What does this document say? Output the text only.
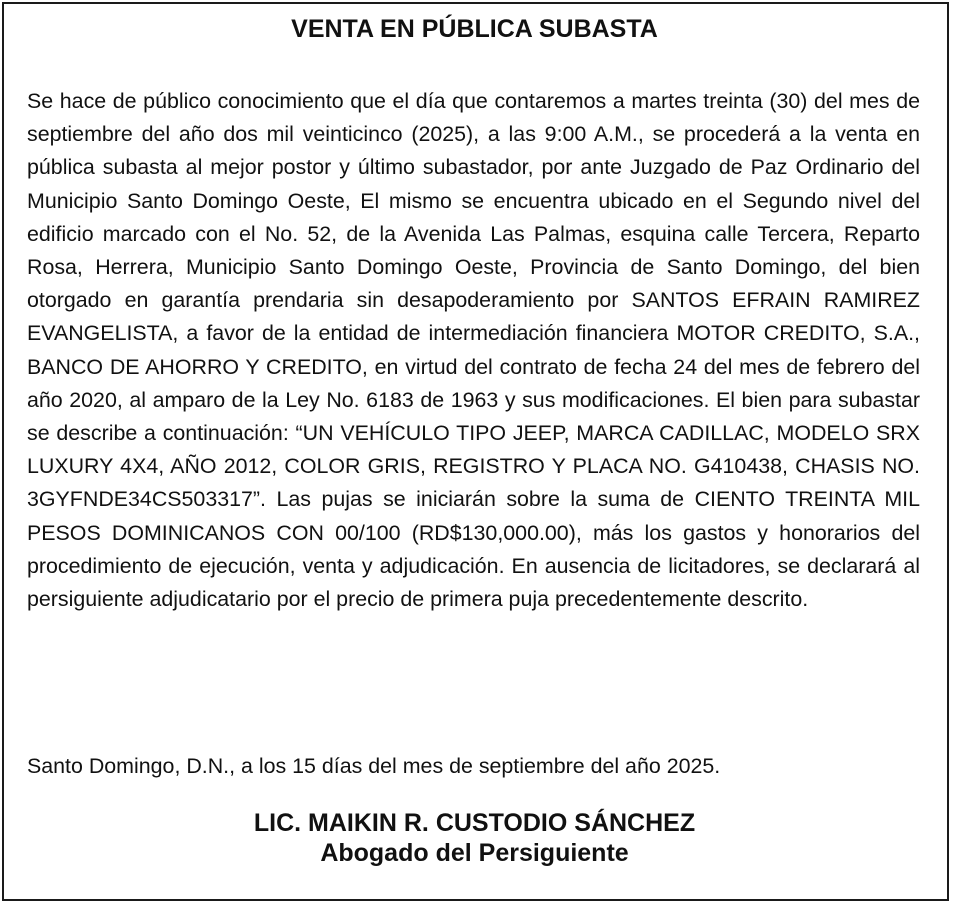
VENTA EN PÚBLICA SUBASTA

Se hace de público conocimiento que el día que contaremos a martes treinta (30) del mes de septiembre del año dos mil veinticinco (2025), a las 9:00 A.M., se procederá a la venta en pública subasta al mejor postor y último subastador, por ante Juzgado de Paz Ordinario del Municipio Santo Domingo Oeste, El mismo se encuentra ubicado en el Segundo nivel del edificio marcado con el No. 52, de la Avenida Las Palmas, esquina calle Tercera, Reparto Rosa, Herrera, Municipio Santo Domingo Oeste, Provincia de Santo Domingo, del bien otorgado en garantía prendaria sin desapoderamiento por SANTOS EFRAIN RAMIREZ EVANGELISTA, a favor de la entidad de intermediación financiera MOTOR CREDITO, S.A., BANCO DE AHORRO Y CREDITO, en virtud del contrato de fecha 24 del mes de febrero del año 2020, al amparo de la Ley No. 6183 de 1963 y sus modificaciones. El bien para subastar se describe a continuación: “UN VEHÍCULO TIPO JEEP, MARCA CADILLAC, MODELO SRX LUXURY 4X4, AÑO 2012, COLOR GRIS, REGISTRO Y PLACA NO. G410438, CHASIS NO. 3GYFNDE34CS503317”. Las pujas se iniciarán sobre la suma de CIENTO TREINTA MIL PESOS DOMINICANOS CON 00/100 (RD$130,000.00), más los gastos y honorarios del procedimiento de ejecución, venta y adjudicación. En ausencia de licitadores, se declarará al persiguiente adjudicatario por el precio de primera puja precedentemente descrito.

Santo Domingo, D.N., a los 15 días del mes de septiembre del año 2025.

LIC. MAIKIN R. CUSTODIO SÁNCHEZ

Abogado del Persiguiente
